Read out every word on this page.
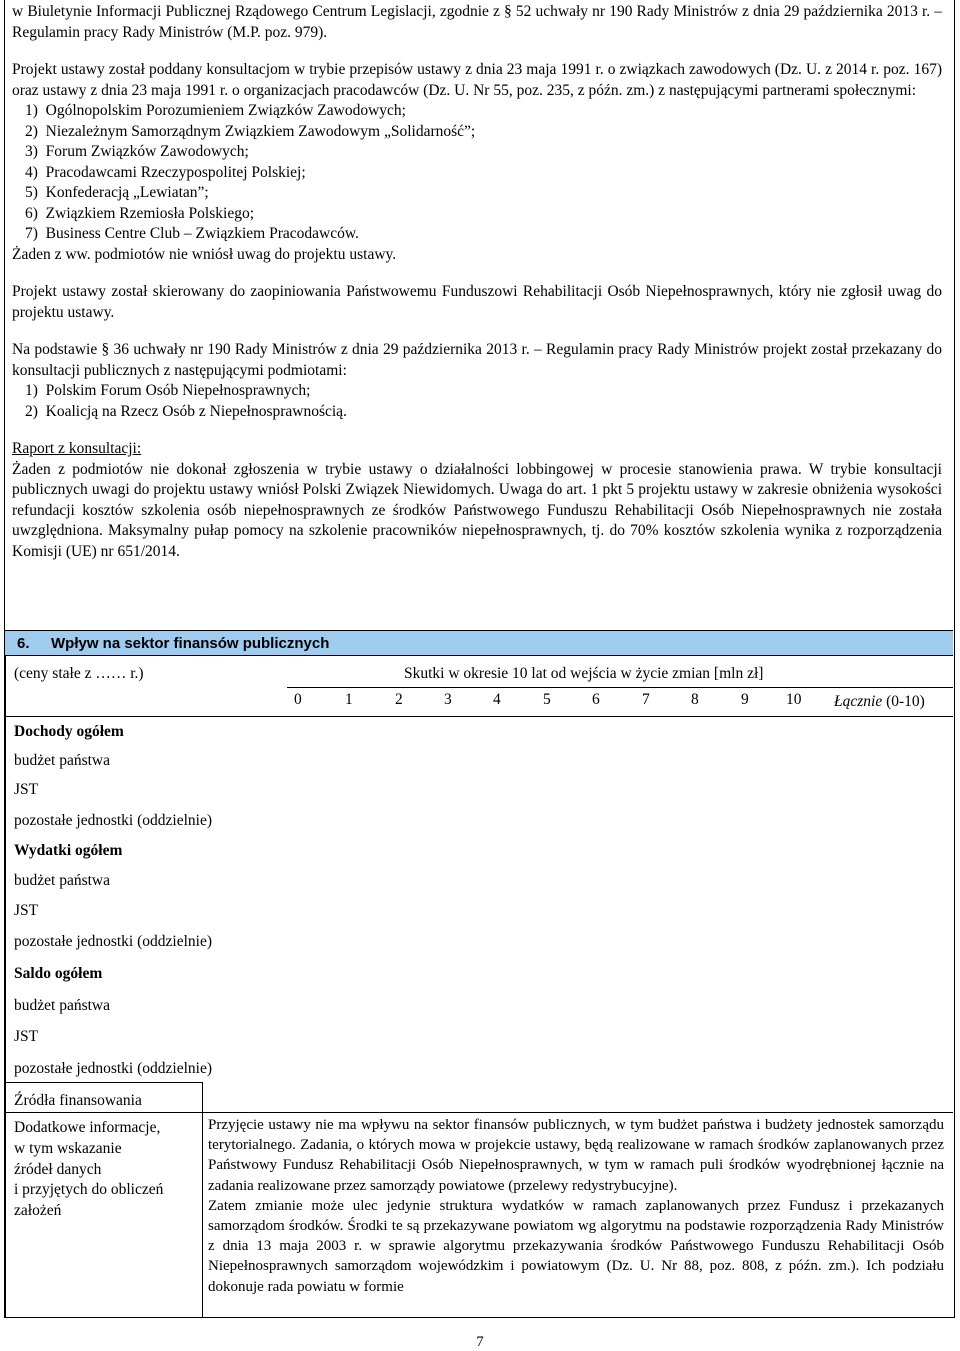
w Biuletynie Informacji Publicznej Rządowego Centrum Legislacji, zgodnie z § 52 uchwały nr 190 Rady Ministrów z dnia 29 października 2013 r. – Regulamin pracy Rady Ministrów (M.P. poz. 979).

Projekt ustawy został poddany konsultacjom w trybie przepisów ustawy z dnia 23 maja 1991 r. o związkach zawodowych (Dz. U. z 2014 r. poz. 167) oraz ustawy z dnia 23 maja 1991 r. o organizacjach pracodawców (Dz. U. Nr 55, poz. 235, z późn. zm.) z następującymi partnerami społecznymi:

1)  Ogólnopolskim Porozumieniem Związków Zawodowych;
2)  Niezależnym Samorządnym Związkiem Zawodowym „Solidarność”;
3)  Forum Związków Zawodowych;
4)  Pracodawcami Rzeczypospolitej Polskiej;
5)  Konfederacją „Lewiatan”;
6)  Związkiem Rzemiosła Polskiego;
7)  Business Centre Club – Związkiem Pracodawców.

Żaden z ww. podmiotów nie wniósł uwag do projektu ustawy.

Projekt ustawy został skierowany do zaopiniowania Państwowemu Funduszowi Rehabilitacji Osób Niepełnosprawnych, który nie zgłosił uwag do projektu ustawy.

Na podstawie § 36 uchwały nr 190 Rady Ministrów z dnia 29 października 2013 r. – Regulamin pracy Rady Ministrów projekt został przekazany do konsultacji publicznych z następującymi podmiotami:

1)  Polskim Forum Osób Niepełnosprawnych;
2)  Koalicją na Rzecz Osób z Niepełnosprawnością.

Raport z konsultacji:

Żaden z podmiotów nie dokonał zgłoszenia w trybie ustawy o działalności lobbingowej w procesie stanowienia prawa. W trybie konsultacji publicznych uwagi do projektu ustawy wniósł Polski Związek Niewidomych. Uwaga do art. 1 pkt 5 projektu ustawy w zakresie obniżenia wysokości refundacji kosztów szkolenia osób niepełnosprawnych ze środków Państwowego Funduszu Rehabilitacji Osób Niepełnosprawnych nie została uwzględniona. Maksymalny pułap pomocy na szkolenie pracowników niepełnosprawnych, tj. do 70% kosztów szkolenia wynika z rozporządzenia Komisji (UE) nr 651/2014.

6. Wpływ na sektor finansów publicznych
(ceny stałe z …… r.)	Skutki w okresie 10 lat od wejścia w życie zmian [mln zł]
0	1	2	3	4	5	6	7	8	9 10 Łącznie (0-10)
Dochody ogółem
budżet państwa
JST
pozostałe jednostki (oddzielnie)
Wydatki ogółem
budżet państwa
JST
pozostałe jednostki (oddzielnie)
Saldo ogółem
budżet państwa
JST
pozostałe jednostki (oddzielnie)
Źródła finansowania
Dodatkowe informacje,
w tym wskazanie
źródeł danych
i przyjętych do obliczeń
założeń

Przyjęcie ustawy nie ma wpływu na sektor finansów publicznych, w tym budżet państwa i budżety jednostek samorządu terytorialnego. Zadania, o których mowa w projekcie ustawy, będą realizowane w ramach środków zaplanowanych przez Państwowy Fundusz Rehabilitacji Osób Niepełnosprawnych, w tym w ramach puli środków wyodrębnionej łącznie na zadania realizowane przez samorządy powiatowe (przelewy redystrybucyjne).

Zatem zmianie może ulec jedynie struktura wydatków w ramach zaplanowanych przez Fundusz i przekazanych samorządom środków. Środki te są przekazywane powiatom wg algorytmu na podstawie rozporządzenia Rady Ministrów z dnia 13 maja 2003 r. w sprawie algorytmu przekazywania środków Państwowego Funduszu Rehabilitacji Osób Niepełnosprawnych samorządom wojewódzkim i powiatowym (Dz. U. Nr 88, poz. 808, z późn. zm.). Ich podziału dokonuje rada powiatu w formie

7
